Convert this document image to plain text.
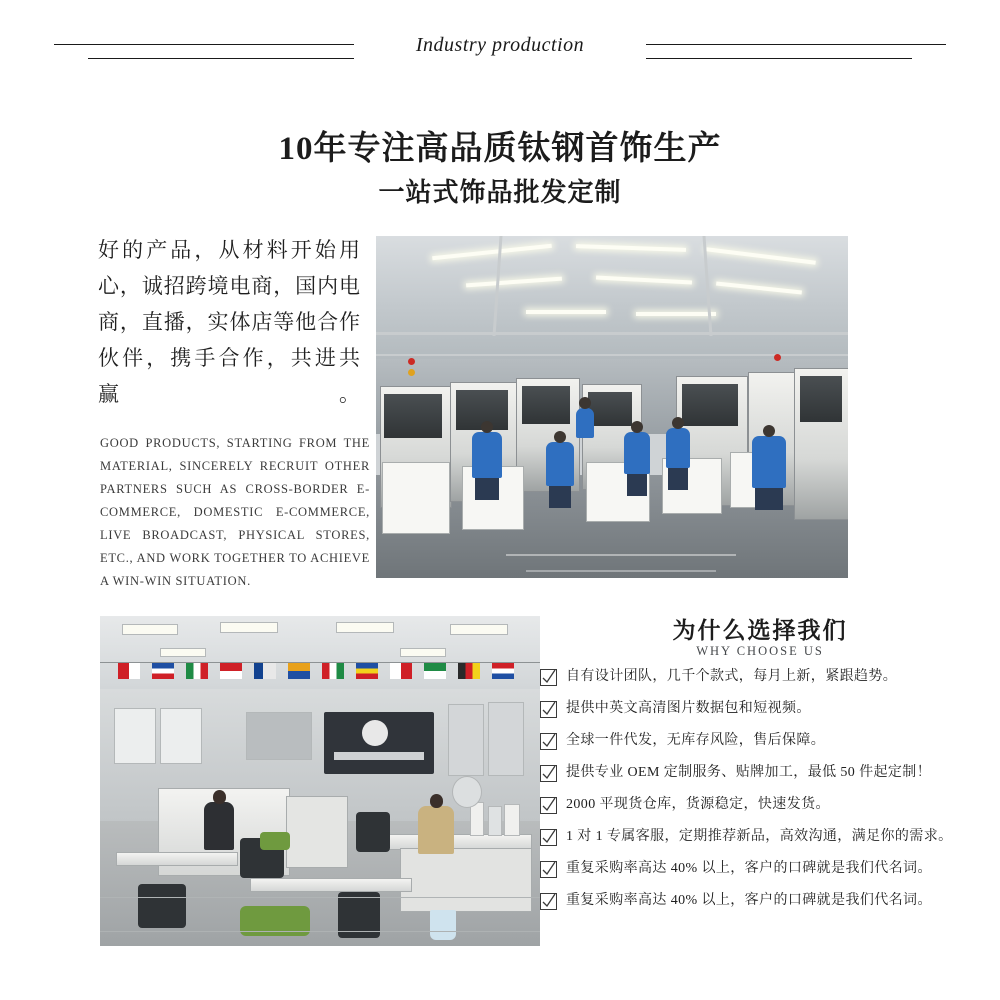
Industry production
10年专注高品质钛钢首饰生产
一站式饰品批发定制
好的产品，从材料开始用心，诚招跨境电商，国内电商，直播，实体店等他合作伙伴，携手合作，共进共赢。
GOOD PRODUCTS, STARTING FROM THE MATERIAL, SINCERELY RECRUIT OTHER PARTNERS SUCH AS CROSS-BORDER E-COMMERCE, DOMESTIC E-COMMERCE, LIVE BROADCAST, PHYSICAL STORES, ETC., AND WORK TOGETHER TO ACHIEVE A WIN-WIN SITUATION.
为什么选择我们
WHY CHOOSE US
自有设计团队，几千个款式，每月上新，紧跟趋势。
提供中英文高清图片数据包和短视频。
全球一件代发，无库存风险，售后保障。
提供专业 OEM 定制服务、贴牌加工，最低 50 件起定制！
2000 平现货仓库，货源稳定，快速发货。
1 对 1 专属客服，定期推荐新品，高效沟通，满足你的需求。
重复采购率高达 40% 以上，客户的口碑就是我们代名词。
重复采购率高达 40% 以上，客户的口碑就是我们代名词。
